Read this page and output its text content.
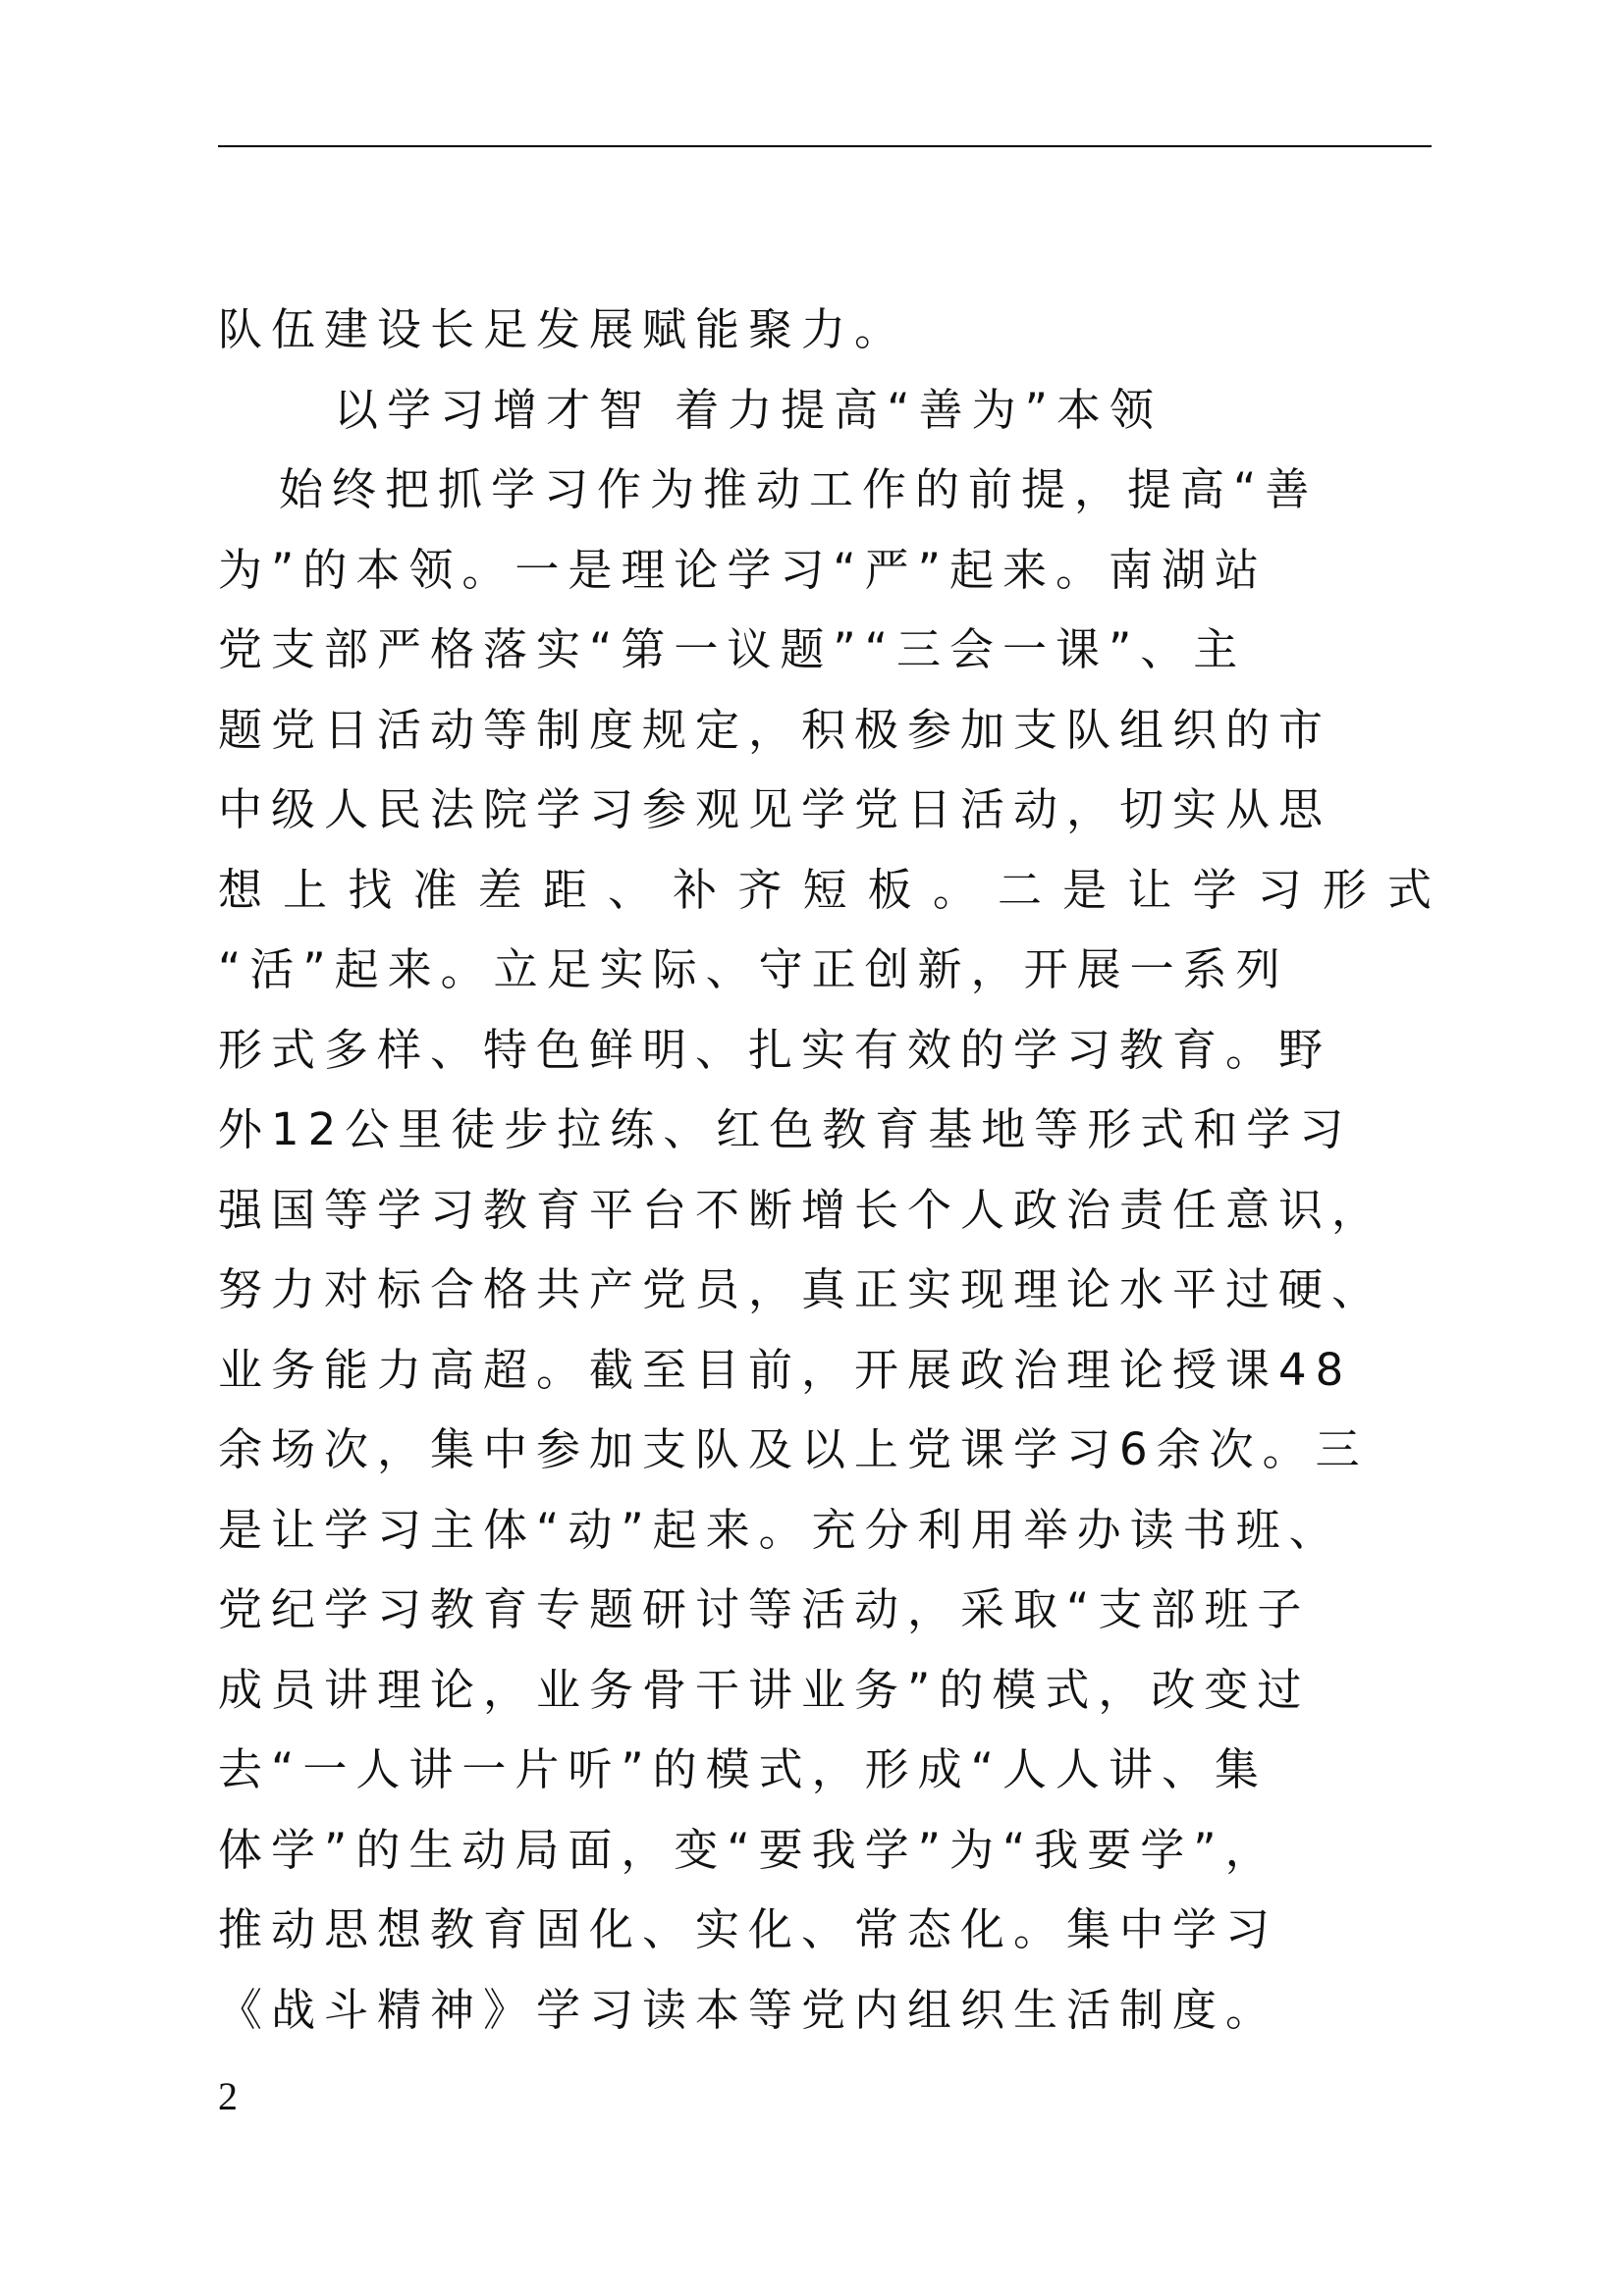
队伍建设长足发展赋能聚力。
以学习增才智 着力提高“善为”本领
始终把抓学习作为推动工作的前提，提高“善
为”的本领。一是理论学习“严”起来。南湖站
党支部严格落实“第一议题”“三会一课”、主
题党日活动等制度规定，积极参加支队组织的市
中级人民法院学习参观见学党日活动，切实从思
想上找准差距、补齐短板。二是让学习形式
“活”起来。立足实际、守正创新，开展一系列
形式多样、特色鲜明、扎实有效的学习教育。野
外12公里徒步拉练、红色教育基地等形式和学习
强国等学习教育平台不断增长个人政治责任意识，
努力对标合格共产党员，真正实现理论水平过硬、
业务能力高超。截至目前，开展政治理论授课48
余场次，集中参加支队及以上党课学习6余次。三
是让学习主体“动”起来。充分利用举办读书班、
党纪学习教育专题研讨等活动，采取“支部班子
成员讲理论，业务骨干讲业务”的模式，改变过
去“一人讲一片听”的模式，形成“人人讲、集
体学”的生动局面，变“要我学”为“我要学”，
推动思想教育固化、实化、常态化。集中学习
《战斗精神》学习读本等党内组织生活制度。
2
